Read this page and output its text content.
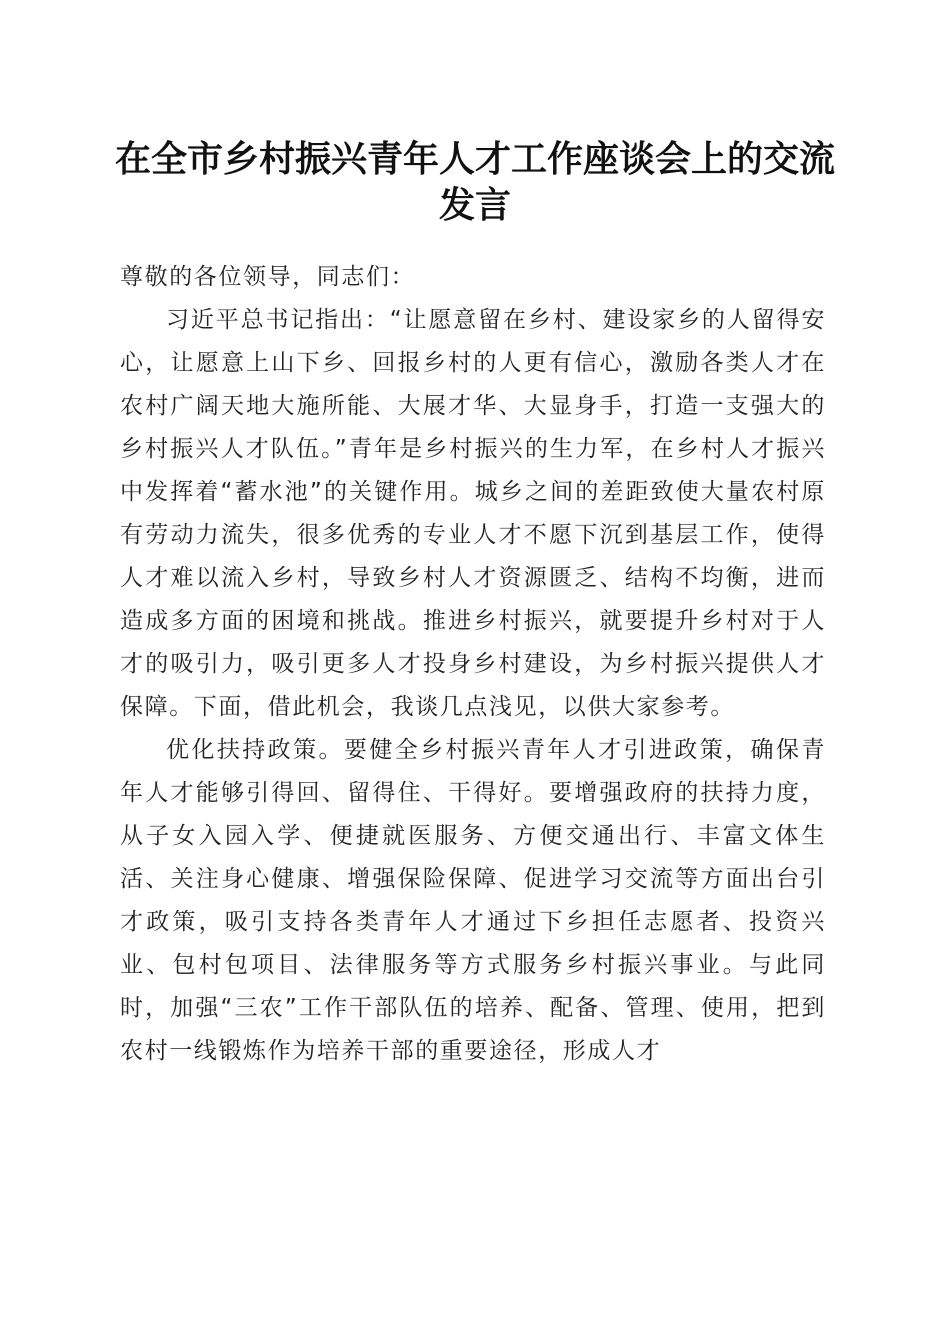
在全市乡村振兴青年人才工作座谈会上的交流发言

尊敬的各位领导，同志们：

习近平总书记指出：“让愿意留在乡村、建设家乡的人留得安心，让愿意上山下乡、回报乡村的人更有信心，激励各类人才在农村广阔天地大施所能、大展才华、大显身手，打造一支强大的乡村振兴人才队伍。”青年是乡村振兴的生力军，在乡村人才振兴中发挥着“蓄水池”的关键作用。城乡之间的差距致使大量农村原有劳动力流失，很多优秀的专业人才不愿下沉到基层工作，使得人才难以流入乡村，导致乡村人才资源匮乏、结构不均衡，进而造成多方面的困境和挑战。推进乡村振兴，就要提升乡村对于人才的吸引力，吸引更多人才投身乡村建设，为乡村振兴提供人才保障。下面，借此机会，我谈几点浅见，以供大家参考。

优化扶持政策。要健全乡村振兴青年人才引进政策，确保青年人才能够引得回、留得住、干得好。要增强政府的扶持力度，从子女入园入学、便捷就医服务、方便交通出行、丰富文体生活、关注身心健康、增强保险保障、促进学习交流等方面出台引才政策，吸引支持各类青年人才通过下乡担任志愿者、投资兴业、包村包项目、法律服务等方式服务乡村振兴事业。与此同时，加强“三农”工作干部队伍的培养、配备、管理、使用，把到农村一线锻炼作为培养干部的重要途径，形成人才
